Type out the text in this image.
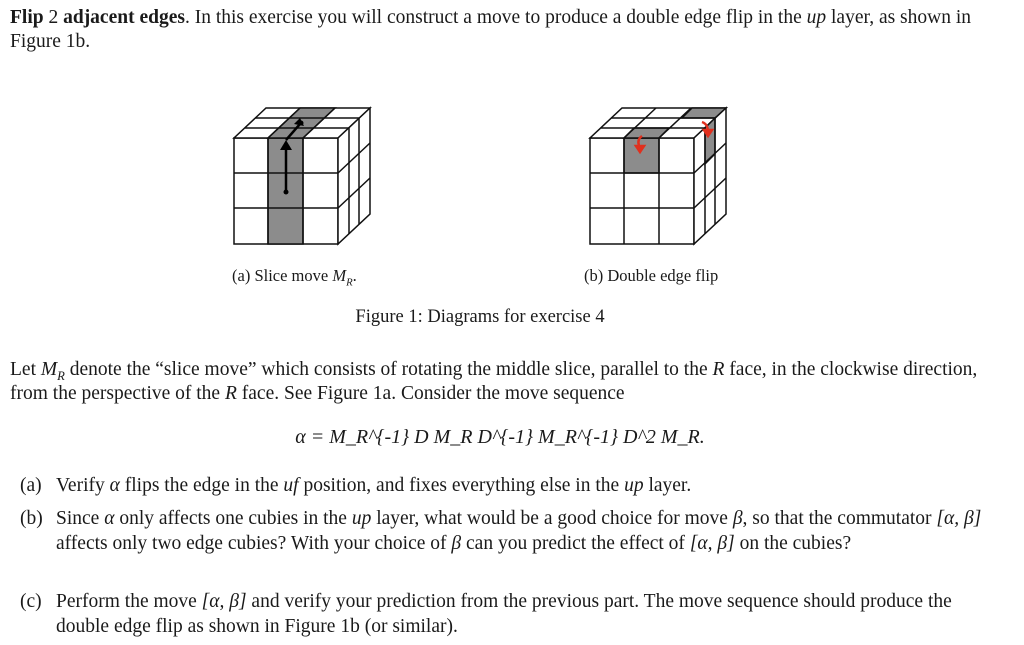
Flip 2 adjacent edges. In this exercise you will construct a move to produce a double edge flip in the up layer, as shown in Figure 1b.
(a) Slice move $M_R$.	(b) Double edge flip
Figure 1: Diagrams for exercise 4
Let $M_R$ denote the “slice move” which consists of rotating the middle slice, parallel to the R face, in the clockwise direction, from the perspective of the R face. See Figure 1a. Consider the move sequence
α = M_R^{-1} D M_R D^{-1} M_R^{-1} D^2 M_R.
(a) Verify α flips the edge in the uf position, and fixes everything else in the up layer.
(b) Since α only affects one cubies in the up layer, what would be a good choice for move β, so that the commutator [α, β] affects only two edge cubies? With your choice of β can you predict the effect of [α, β] on the cubies?
(c) Perform the move [α, β] and verify your prediction from the previous part. The move sequence should produce the double edge flip as shown in Figure 1b (or similar).
